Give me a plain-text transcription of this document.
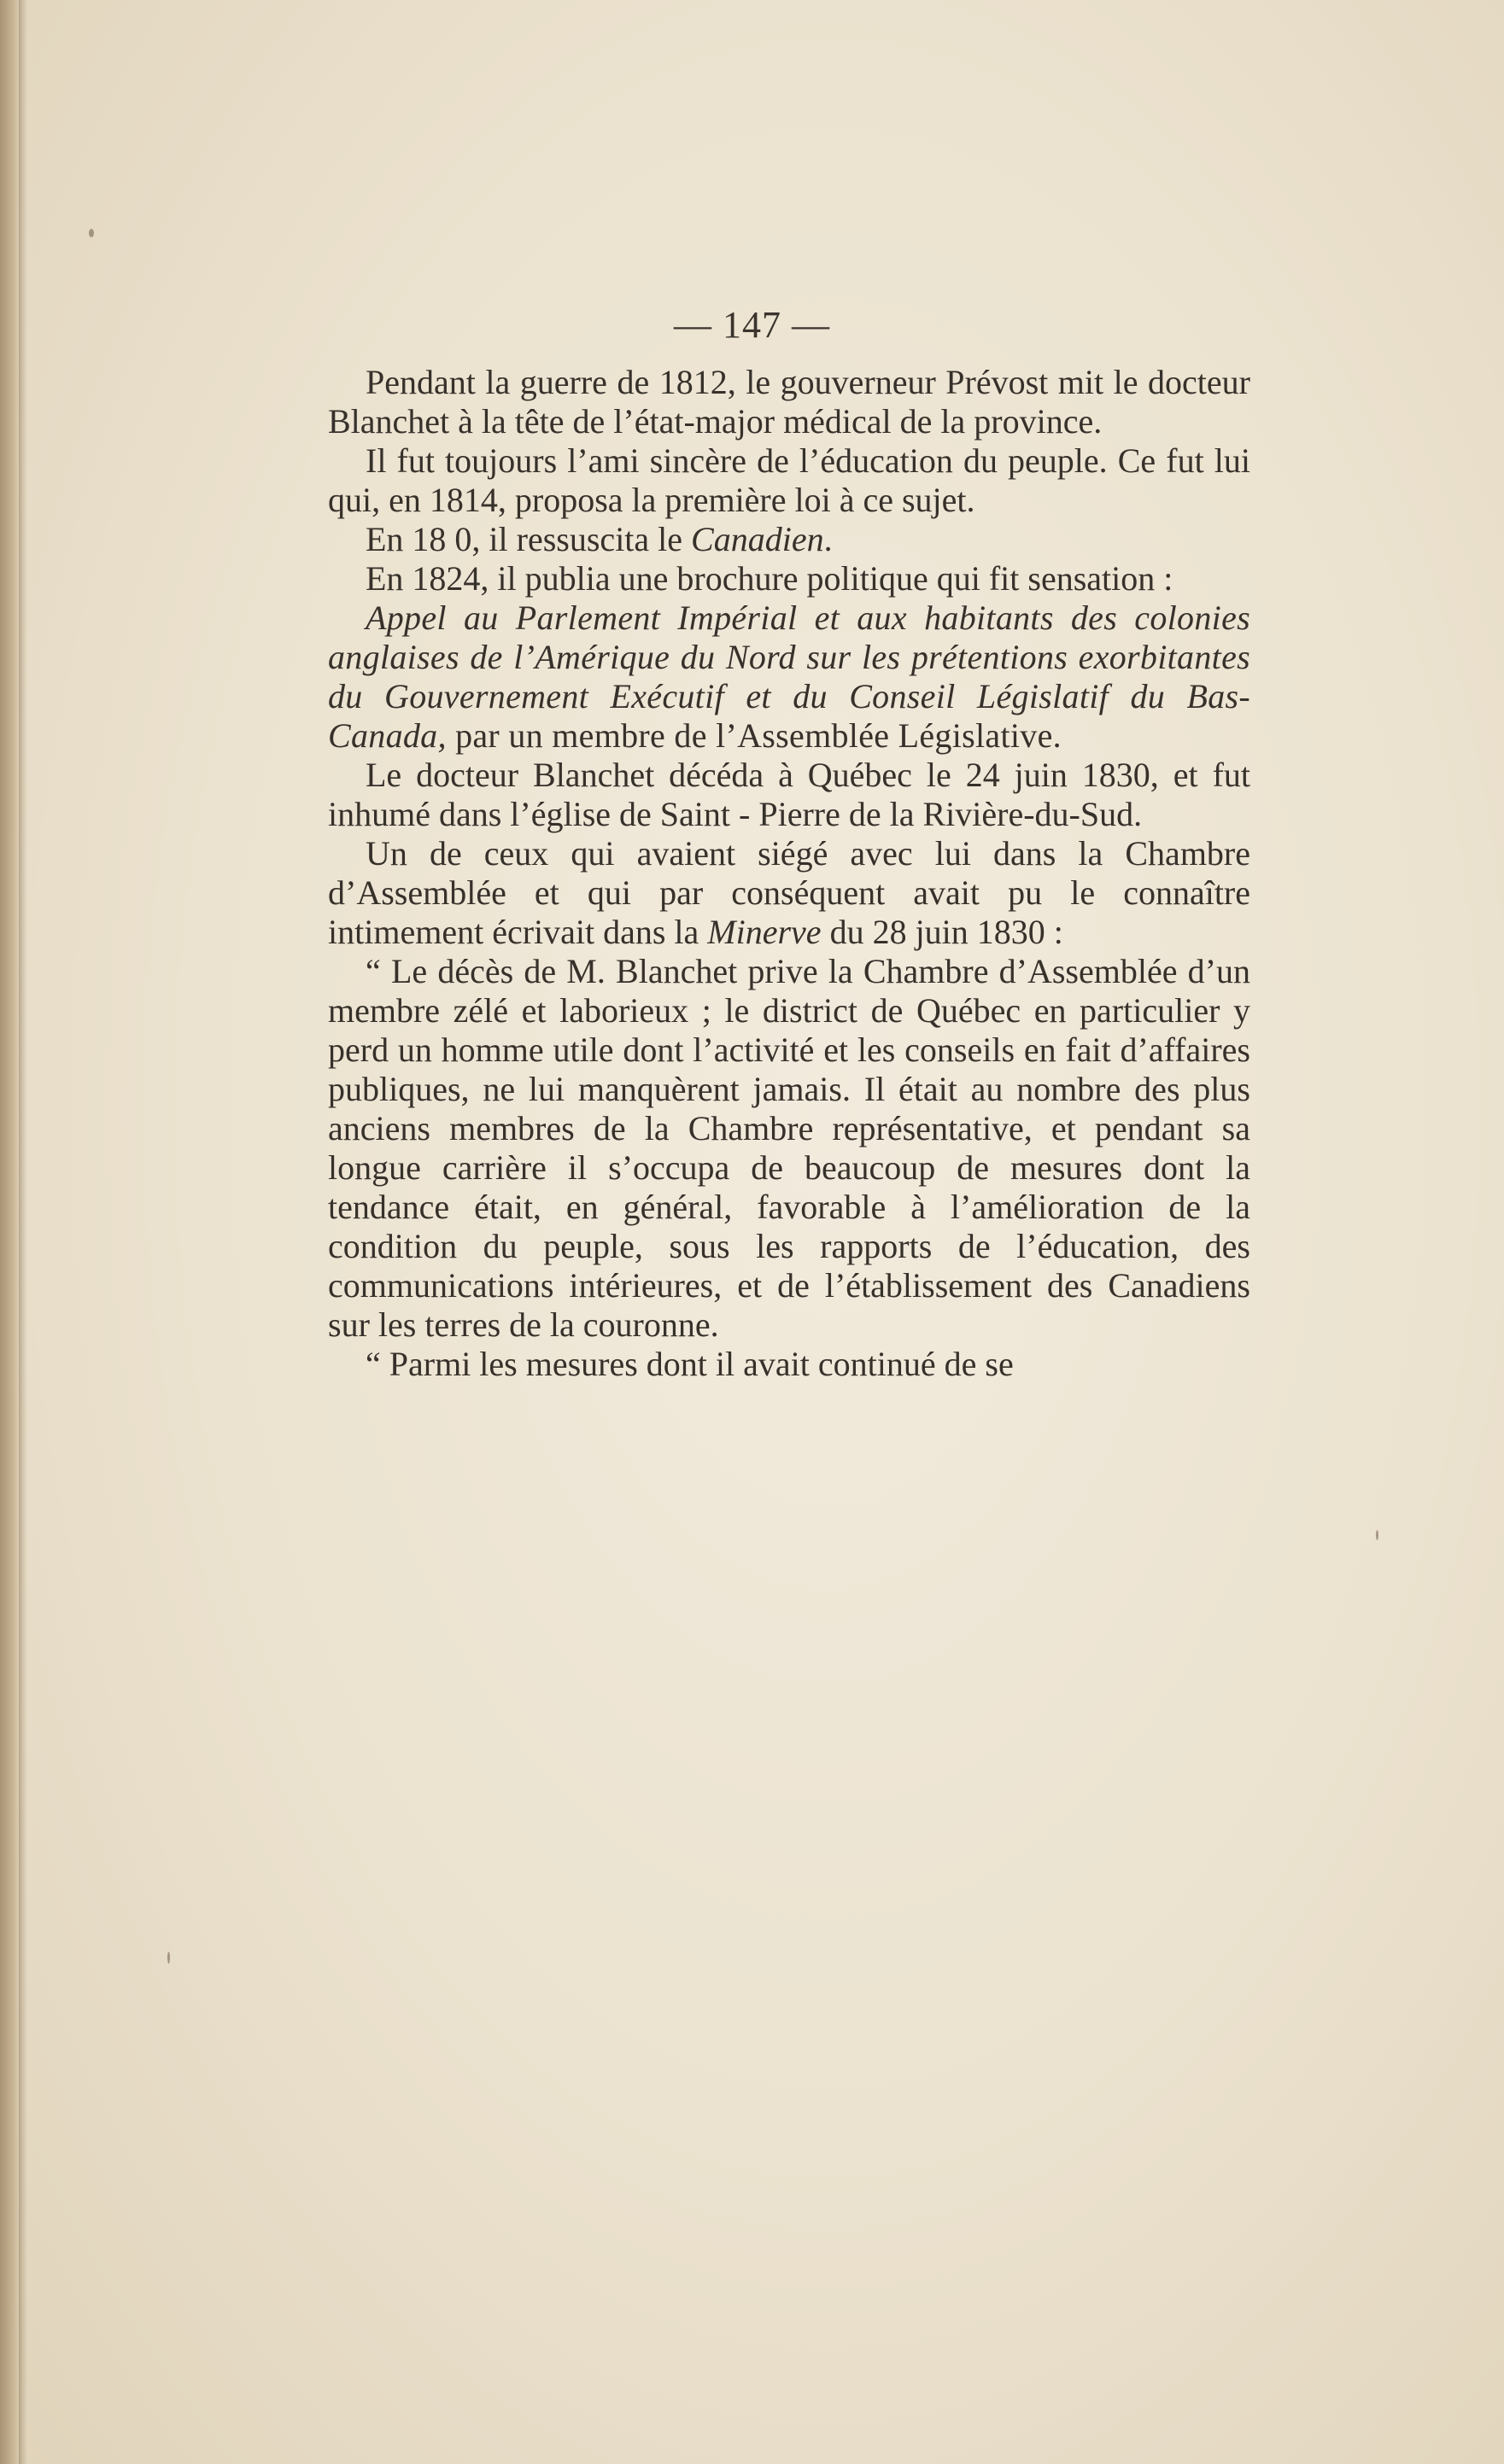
— 147 —

Pendant la guerre de 1812, le gouverneur Prévost mit le docteur Blanchet à la tête de l’état-major médical de la province.

Il fut toujours l’ami sincère de l’éducation du peuple. Ce fut lui qui, en 1814, proposa la première loi à ce sujet.

En 18 0, il ressuscita le Canadien.

En 1824, il publia une brochure politique qui fit sensation :

Appel au Parlement Impérial et aux habitants des colonies anglaises de l’Amérique du Nord sur les prétentions exorbitantes du Gouvernement Exécutif et du Conseil Législatif du Bas-Canada, par un membre de l’Assemblée Législative.

Le docteur Blanchet décéda à Québec le 24 juin 1830, et fut inhumé dans l’église de Saint - Pierre de la Rivière-du-Sud.

Un de ceux qui avaient siégé avec lui dans la Chambre d’Assemblée et qui par conséquent avait pu le connaître intimement écrivait dans la Minerve du 28 juin 1830 :

“ Le décès de M. Blanchet prive la Chambre d’Assemblée d’un membre zélé et laborieux ; le district de Québec en particulier y perd un homme utile dont l’activité et les conseils en fait d’affaires publiques, ne lui manquèrent jamais. Il était au nombre des plus anciens membres de la Chambre représentative, et pendant sa longue carrière il s’occupa de beaucoup de mesures dont la tendance était, en général, favorable à l’amélioration de la condition du peuple, sous les rapports de l’éducation, des communications intérieures, et de l’établissement des Canadiens sur les terres de la couronne.

“ Parmi les mesures dont il avait continué de se
